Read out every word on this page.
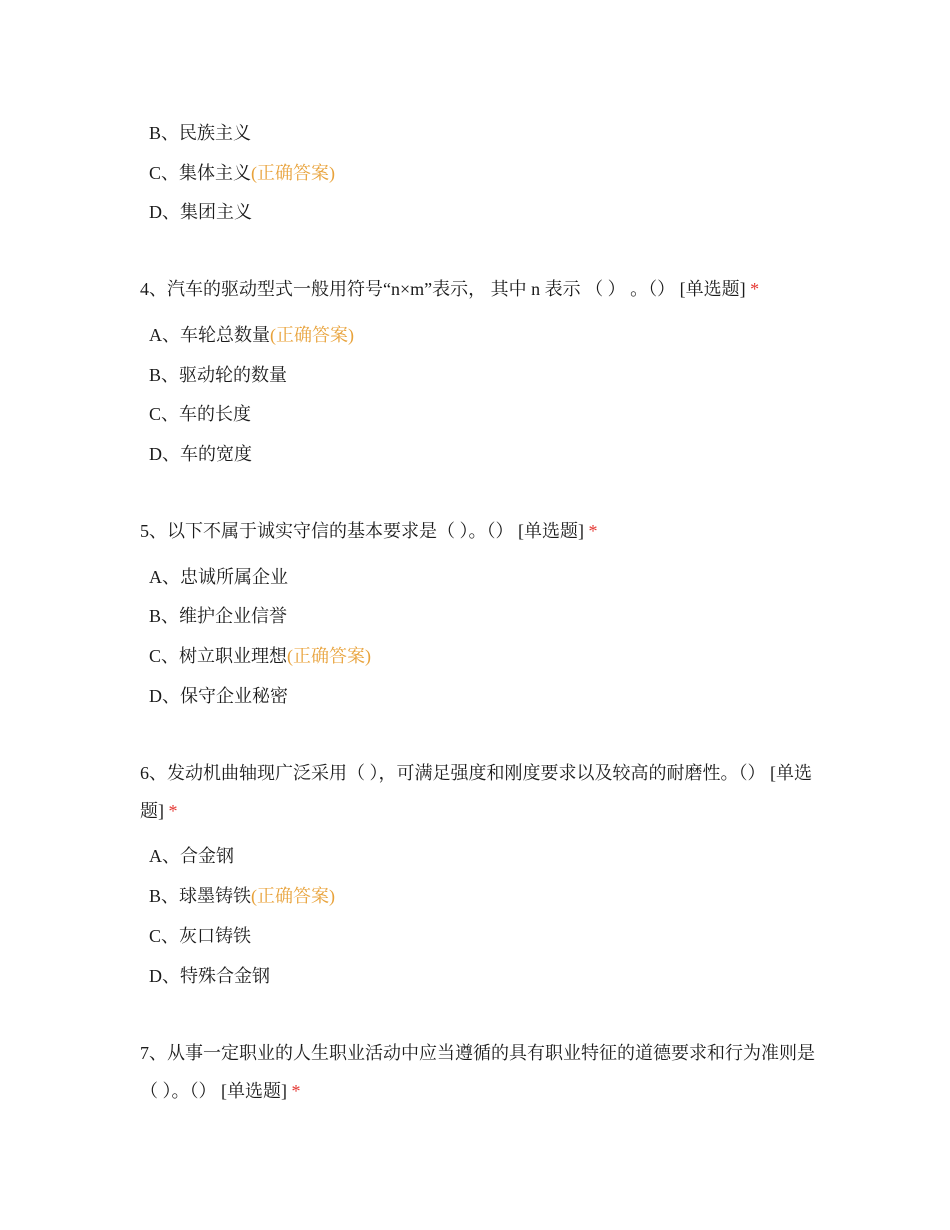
B、民族主义
C、集体主义(正确答案)
D、集团主义
4、汽车的驱动型式一般用符号“n×m”表示， 其中 n 表示 （ ） 。（） [单选题] *
A、车轮总数量(正确答案)
B、驱动轮的数量
C、车的长度
D、车的宽度
5、以下不属于诚实守信的基本要求是（ ）。（） [单选题] *
A、忠诚所属企业
B、维护企业信誉
C、树立职业理想(正确答案)
D、保守企业秘密
6、发动机曲轴现广泛采用（ ），可满足强度和刚度要求以及较高的耐磨性。（） [单选题] *
A、合金钢
B、球墨铸铁(正确答案)
C、灰口铸铁
D、特殊合金钢
7、从事一定职业的人生职业活动中应当遵循的具有职业特征的道德要求和行为准则是（ ）。（） [单选题] *
